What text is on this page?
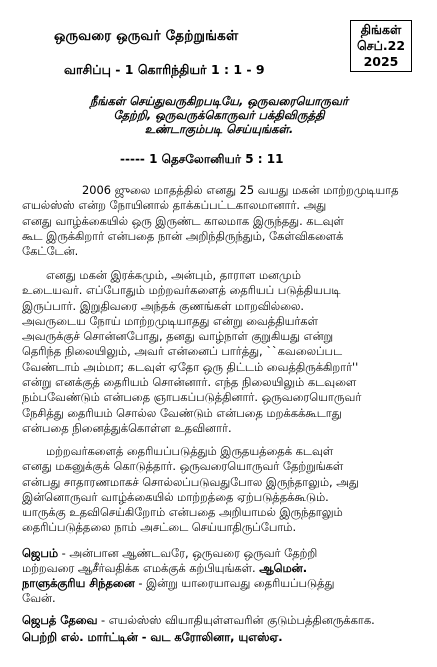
ஒருவரை ஒருவர் தேற்றுங்கள்
வாசிப்பு - 1 கொரிந்தியர் 1 : 1 - 9
திங்கள்
செப்.22
2025
நீங்கள் செய்துவருகிறபடியே, ஒருவரையொருவர்
தேற்றி, ஒருவருக்கொருவர் பக்திவிருத்தி
உண்டாகும்படி செய்யுங்கள்.
----- 1 தெசலோனியர் 5 : 11
2006 ஜுலை மாதத்தில் எனது 25 வயது மகன் மாற்றமுடியாத
எயல்ஸ்ஸ் என்ற நோயினால் தாக்கப்பட்டகாலமானார். அது
எனது வாழ்க்கையில் ஒரு இருண்ட காலமாக இருந்தது. கடவுள்
கூட இருக்கிறார் என்பதை நான் அறிந்திருந்தும், கேள்விகளைக்
கேட்டேன்.
எனது மகன் இரக்கமும், அன்பும், தாராள மனமும்
உடையவர். எப்போதும் மற்றவர்களைத் தைரியப் படுத்தியபடி
இருப்பார். இறுதிவரை அந்தக் குணங்கள் மாறவில்லை.
அவருடைய நோய் மாற்றமுடியாதது என்று வைத்தியர்கள்
அவருக்குச் சொன்னபோது, தனது வாழ்நாள் குறுகியது என்று
தெரிந்த நிலையிலும், அவர் என்னைப் பார்த்து, ``கவலைப்பட
வேண்டாம் அம்மா; கடவுள் ஏதோ ஒரு திட்டம் வைத்திருக்கிறார்''
என்று எனக்குத் தைரியம் சொன்னார். எந்த நிலையிலும் கடவுளை
நம்பவேண்டும் என்பதை ஞாபகப்படுத்தினார். ஒருவரையொருவர்
நேசித்து தைரியம் சொல்ல வேண்டும் என்பதை மறக்கக்கூடாது
என்பதை நினைத்துக்கொள்ள உதவினார்.
மற்றவர்களைத் தைரியப்படுத்தும் இருதயத்தைக் கடவுள்
எனது மகனுக்குக் கொடுத்தார். ஒருவரையொருவர் தேற்றுங்கள்
என்பது சாதாரணமாகச் சொல்லப்படுவதுபோல இருந்தாலும், அது
இன்னொருவர் வாழ்க்கையில் மாற்றத்தை ஏற்படுத்தக்கூடும்.
யாருக்கு உதவிசெய்கிறோம் என்பதை அறியாமல் இருந்தாலும்
தைரிப்படுத்தலை நாம் அசட்டை செய்யாதிருப்போம்.
ஜெபம் - அன்பான ஆண்டவரே, ஒருவரை ஒருவர் தேற்றி
மற்றவரை ஆசீர்வதிக்க எமக்குக் கற்பியுங்கள். ஆமென்.
நாளுக்குரிய சிந்தனை - இன்று யாரையாவது தைரியப்படுத்து
வேன்.
ஜெபத் தேவை - எயல்ஸ்ஸ் வியாதியுள்ளவரின் குடும்பத்தினருக்காக.
பெற்றி எல். மார்ட்டின் - வட கரோலினா, யுஎஸ்ஏ.
